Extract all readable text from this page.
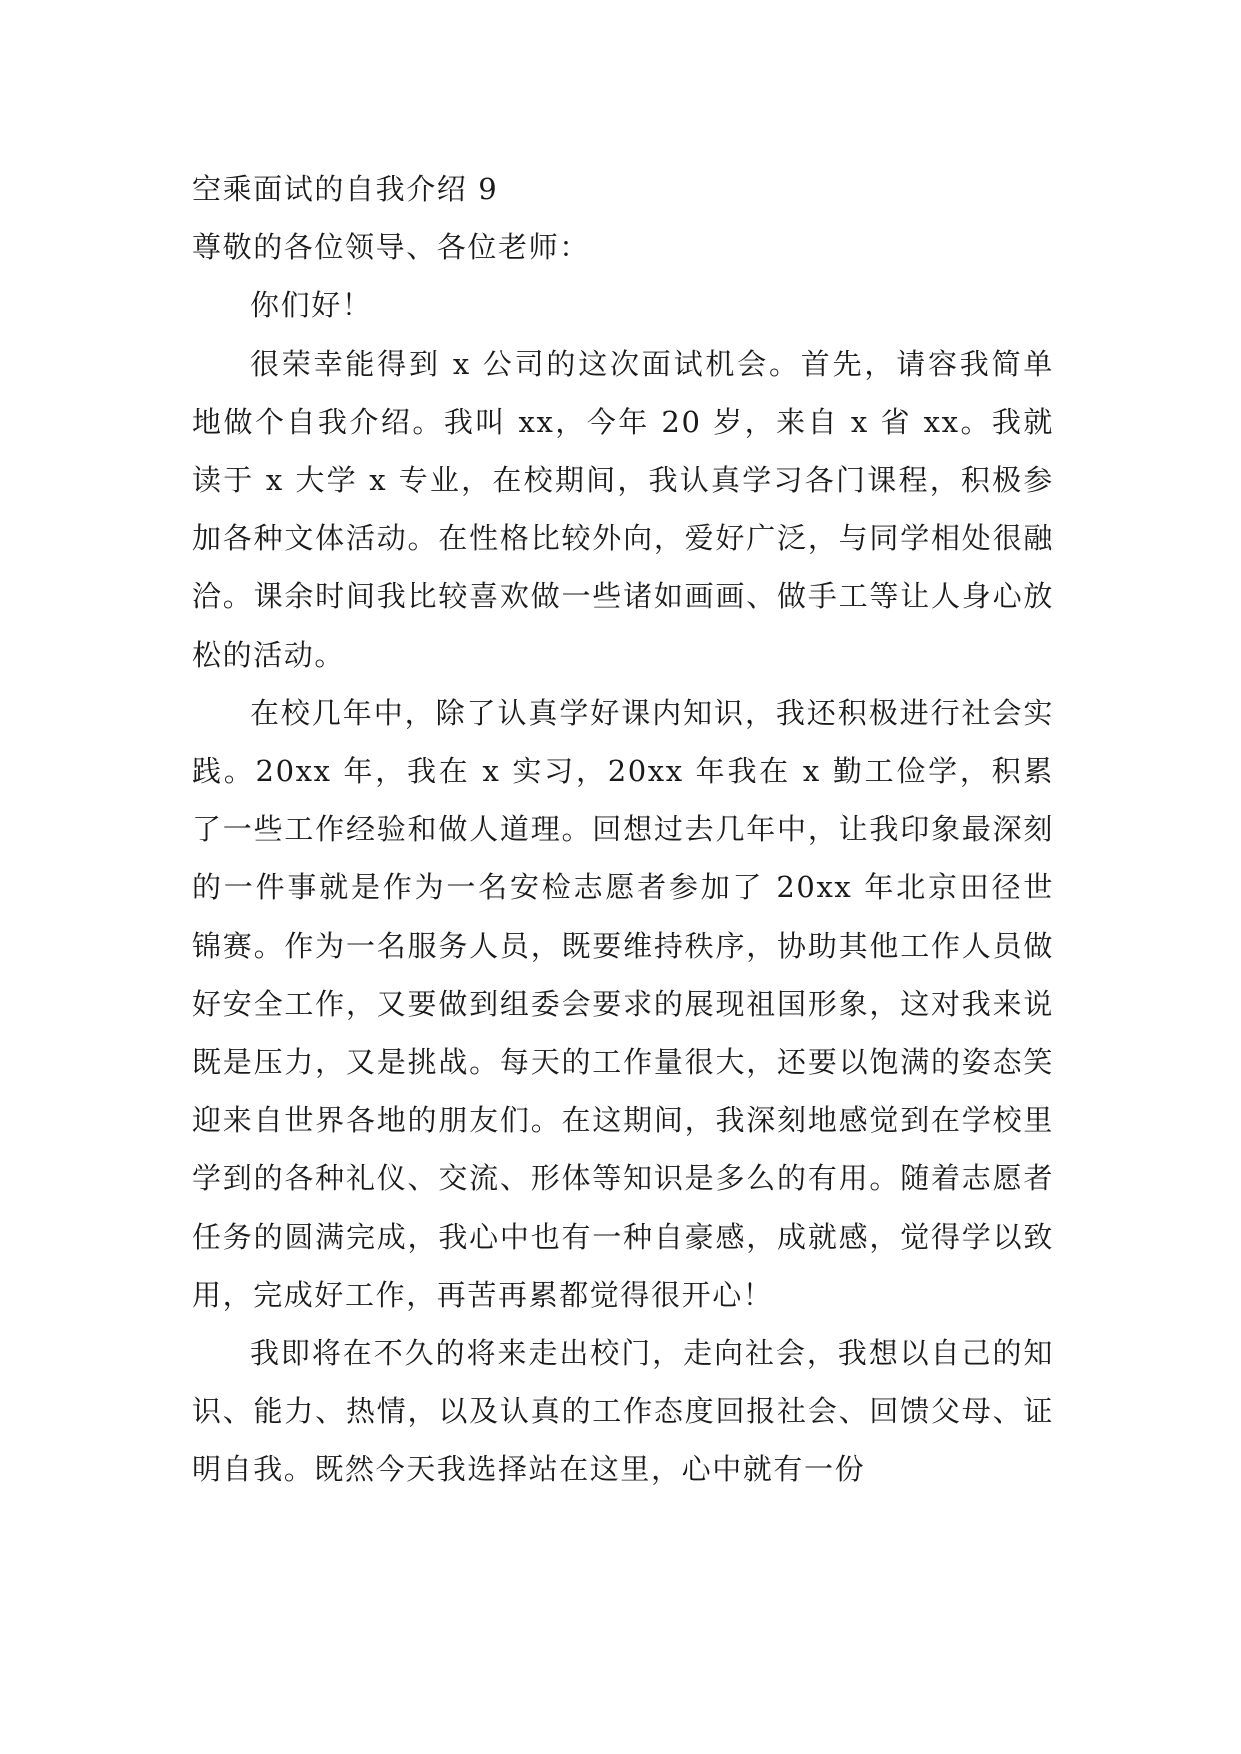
空乘面试的自我介绍 9

尊敬的各位领导、各位老师：

你们好！

很荣幸能得到 x 公司的这次面试机会。首先，请容我简单地做个自我介绍。我叫 xx，今年 20 岁，来自 x 省 xx。我就读于 x 大学 x 专业，在校期间，我认真学习各门课程，积极参加各种文体活动。在性格比较外向，爱好广泛，与同学相处很融洽。课余时间我比较喜欢做一些诸如画画、做手工等让人身心放松的活动。

在校几年中，除了认真学好课内知识，我还积极进行社会实践。20xx 年，我在 x 实习，20xx 年我在 x 勤工俭学，积累了一些工作经验和做人道理。回想过去几年中，让我印象最深刻的一件事就是作为一名安检志愿者参加了 20xx 年北京田径世锦赛。作为一名服务人员，既要维持秩序，协助其他工作人员做好安全工作，又要做到组委会要求的展现祖国形象，这对我来说既是压力，又是挑战。每天的工作量很大，还要以饱满的姿态笑迎来自世界各地的朋友们。在这期间，我深刻地感觉到在学校里学到的各种礼仪、交流、形体等知识是多么的有用。随着志愿者任务的圆满完成，我心中也有一种自豪感，成就感，觉得学以致用，完成好工作，再苦再累都觉得很开心！

我即将在不久的将来走出校门，走向社会，我想以自己的知识、能力、热情，以及认真的工作态度回报社会、回馈父母、证明自我。既然今天我选择站在这里，心中就有一份
